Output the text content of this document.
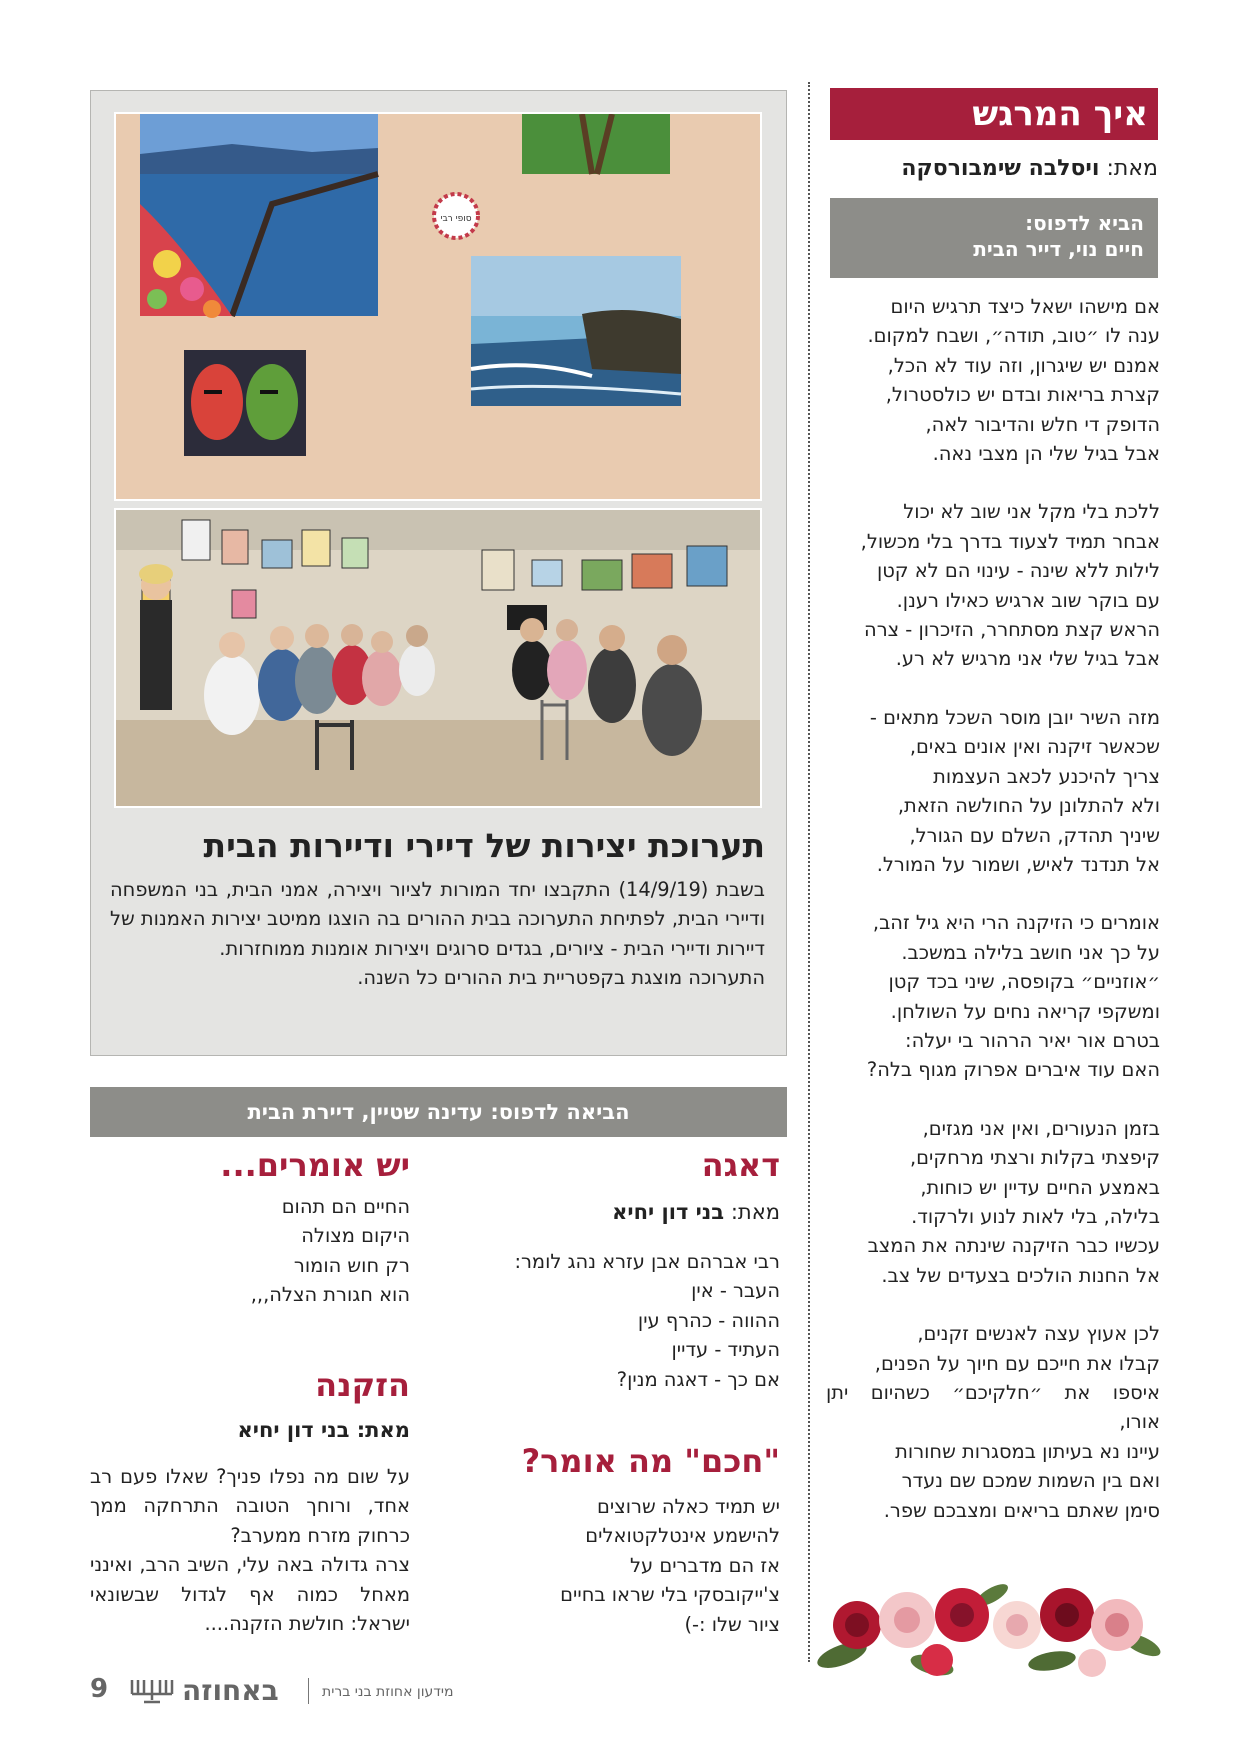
איך המרגש
מאת: ויסלבה שימבורסקה
הביא לדפוס:
חיים נוי, דייר הבית
אם מישהו ישאל כיצד תרגיש היום
ענה לו ״טוב, תודה״, ושבח למקום.
אמנם יש שיגרון, וזה עוד לא הכל,
קצרת בריאות ובדם יש כולסטרול,
הדופק די חלש והדיבור לאה,
אבל בגיל שלי הן מצבי נאה.
ללכת בלי מקל אני שוב לא יכול
אבחר תמיד לצעוד בדרך בלי מכשול,
לילות ללא שינה - עינוי הם לא קטן
עם בוקר שוב ארגיש כאילו רענן.
הראש קצת מסתחרר, הזיכרון - צרה
אבל בגיל שלי אני מרגיש לא רע.
מזה השיר יובן מוסר השכל מתאים -
שכאשר זיקנה ואין אונים באים,
צריך להיכנע לכאב העצמות
ולא להתלונן על החולשה הזאת,
שיניך תהדק, השלם עם הגורל,
אל תנדנד לאיש, ושמור על המורל.
אומרים כי הזיקנה הרי היא גיל זהב,
על כך אני חושב בלילה במשכב.
״אוזניים״ בקופסה, שיני בכד קטן
ומשקפי קריאה נחים על השולחן.
בטרם אור יאיר הרהור בי יעלה:
האם עוד איברים אפרוק מגוף בלה?
בזמן הנעורים, ואין אני מגזים,
קיפצתי בקלות ורצתי מרחקים,
באמצע החיים עדיין יש כוחות,
בלילה, בלי לאות לנוע ולרקוד.
עכשיו כבר הזיקנה שינתה את המצב
אל החנות הולכים בצעדים של צב.
לכן אעוץ עצה לאנשים זקנים,
קבלו את חייכם עם חיוך על הפנים,
איספו את ״חלקיכם״ כשהיום יתן
אורו,
עיינו נא בעיתון במסגרות שחורות
ואם בין השמות שמכם שם נעדר
סימן שאתם בריאים ומצבכם שפר.
סופי רבי
תערוכת יצירות של דיירי ודיירות הבית
בשבת (14/9/19) התקבצו יחד המורות לציור ויצירה, אמני הבית, בני המשפחה ודיירי הבית, לפתיחת התערוכה בבית ההורים בה הוצגו ממיטב יצירות האמנות של דיירות ודיירי הבית - ציורים, בגדים סרוגים ויצירות אומנות ממוחזרות.
התערוכה מוצגת בקפטריית בית ההורים כל השנה.
הביאה לדפוס: עדינה שטיין, דיירת הבית
דאגה
מאת: בני דון יחיא
רבי אברהם אבן עזרא נהג לומר:
העבר - אין
ההווה - כהרף עין
העתיד - עדיין
אם כך - דאגה מנין?
"חכם" מה אומר?
יש תמיד כאלה שרוצים
להישמע אינטלקטואלים
אז הם מדברים על
צ'ייקובסקי בלי שראו בחיים
ציור שלו :-)
יש אומרים...
החיים הם תהום
היקום מצולה
רק חוש הומור
הוא חגורת הצלה,,,
הזקנה
מאת: בני דון יחיא

על שום מה נפלו פניך? שאלו פעם רב אחד, ורוחך הטובה התרחקה ממך כרחוק מזרח ממערב?

צרה גדולה באה עלי, השיב הרב, ואינני מאחל כמוה אף לגדול שבשונאי ישראל: חולשת הזקנה....

9	באחוזה	מידעון אחוזת בני ברית
